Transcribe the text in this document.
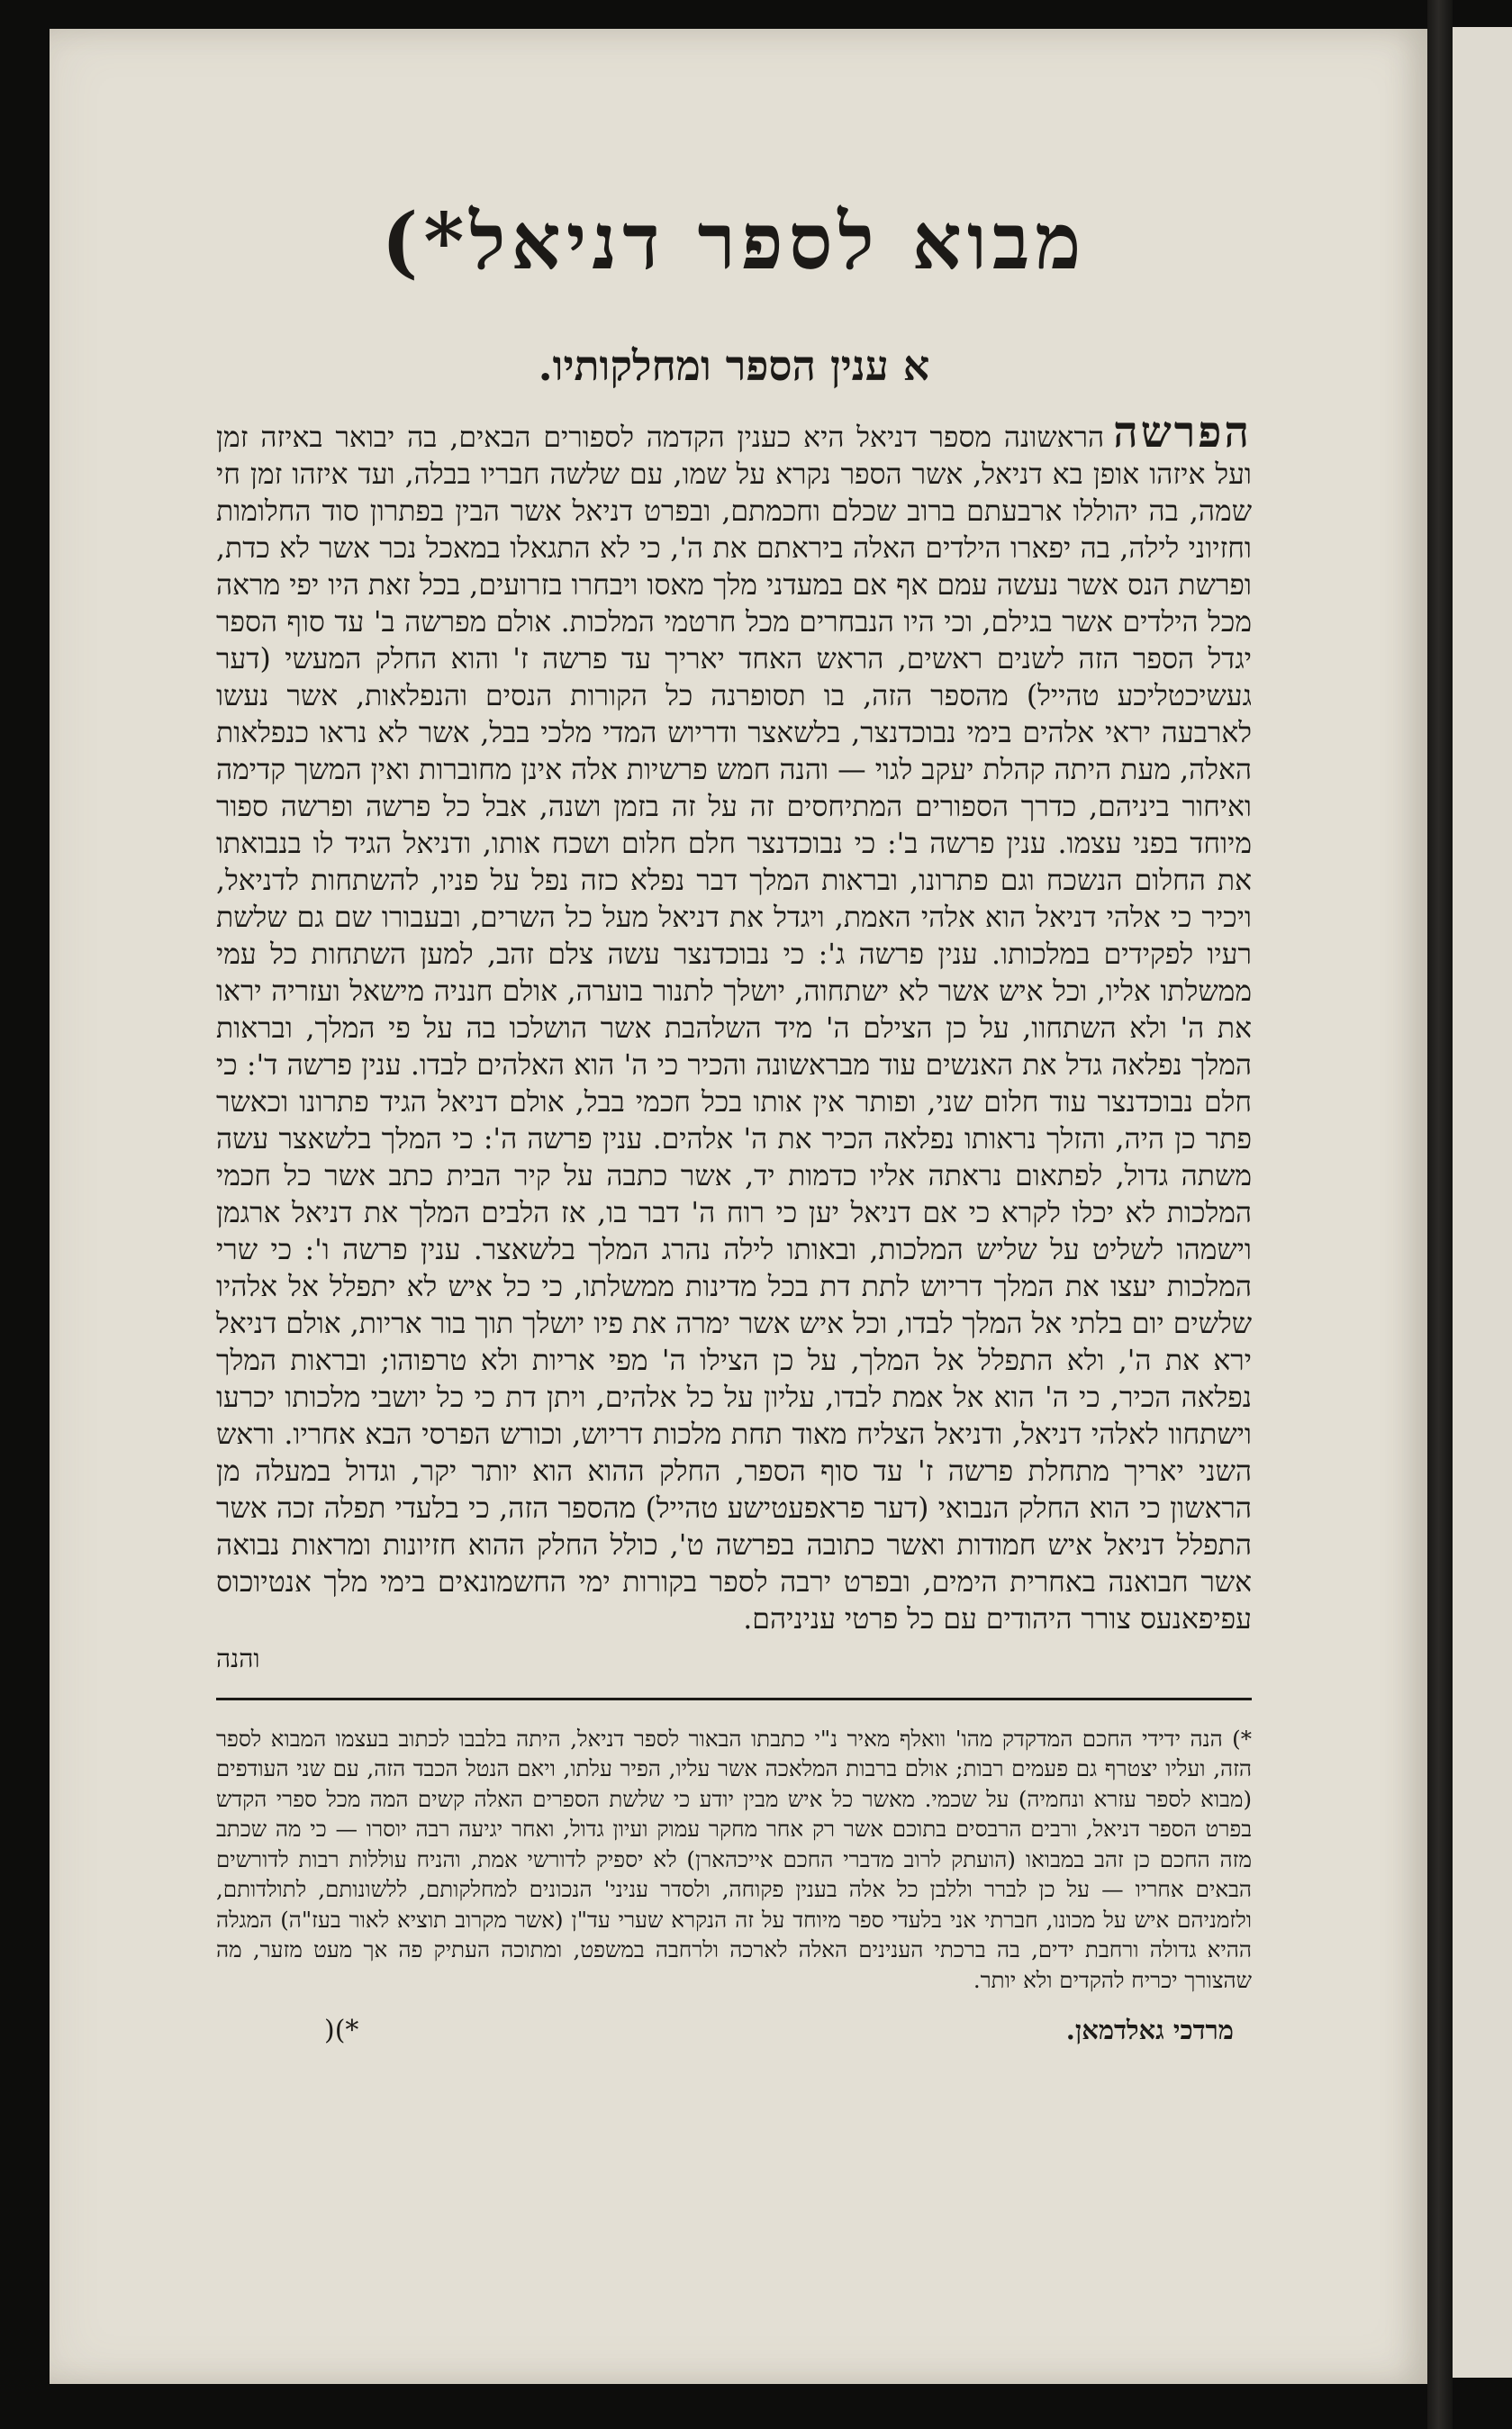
מבוא לספר דניאל*)
א ענין הספר ומחלקותיו.

הפרשההראשונה מספר דניאל היא כענין הקדמה לספורים הבאים, בה יבואר באיזה זמן ועל איזהו אופן בא דניאל, אשר הספר נקרא על שמו, עם שלשה חבריו בבלה, ועד איזהו זמן חי שמה, בה יהוללו ארבעתם ברוב שכלם וחכמתם, ובפרט דניאל אשר הבין בפתרון סוד החלומות וחזיוני לילה, בה יפארו הילדים האלה בירא‍תם את ה', כי לא התגאלו במאכל נכר אשר לא כדת, ופרשת הנס אשר נעשה עמם אף אם במעדני מלך מאסו ויבחרו בזרועים, בכל זאת היו יפי מראה מכל הילדים אשר בגילם, וכי היו הנבחרים מכל חרטמי המלכות. אולם מפרשה ב' עד סוף הספר יגדל הספר הזה לשנים ראשים, הראש האחד יאריך עד פרשה ז' והוא החלק המעשי (דער געשיכטליכע טהייל) מהספר הזה, בו תסופרנה כל הקורות הנסים והנפלאות, אשר נעשו לארבעה יראי אלהים בימי נבוכדנצר, בלשאצר ודריוש המדי מלכי בבל, אשר לא נראו כנפלאות האלה, מעת היתה קהלת יעקב לגוי — והנה חמש פרשיות אלה אינן מחוברות ואין המשך קדימה ואיחור ביניהם, כדרך הספורים המתיחסים זה על זה בזמן ושנה, אבל כל פרשה ופרשה ספור מיוחד בפני עצמו. ענין פרשה ב': כי נבוכדנצר חלם חלום ושכח אותו, ודניאל הגיד לו בנבואתו את החלום הנשכח וגם פתרונו, וברא‍ות המלך דבר נפלא כזה נפל על פניו, להשתחות לדניאל, ויכיר כי אלהי דניאל הוא אלהי האמת, ויגדל את דניאל מעל כל השרים, ובעבורו שם גם שלשת רעיו לפקידים במלכותו. ענין פרשה ג': כי נבוכדנצר עשה צלם זהב, למען השתחות כל עמי ממשלתו אליו, וכל איש אשר לא ישתחוה, יושלך לתנור בוערה, אולם חנניה מישאל ועזריה יראו את ה' ולא השתחוו, על כן הצילם ה' מיד השלהבת אשר הושלכו בה על פי המלך, ובראות המלך נפלאה גדל את האנשים עוד מבראשונה והכיר כי ה' הוא האלהים לבדו. ענין פרשה ד': כי חלם נבוכדנצר עוד חלום שני, ופותר אין אותו בכל חכמי בבל, אולם דניאל הגיד פתרונו וכאשר פתר כן היה, והזלך נראותו נפלאה הכיר את ה' אלהים. ענין פרשה ה': כי המלך בלשאצר עשה משתה גדול, לפתאום נראתה אליו כדמות יד, אשר כתבה על קיר הבית כתב אשר כל חכמי המלכות לא יכלו לקרא כי אם דניאל יען כי רוח ה' דבר בו, אז הלבים המלך את דניאל ארגמן וישמהו לשליט על שליש המלכות, ובאותו לילה נהרג המלך בלשאצר. ענין פרשה ו': כי שרי המלכות יעצו את המלך דריוש לתת דת בכל מדינות ממשלתו, כי כל איש לא יתפלל אל אלהיו שלשים יום בלתי אל המלך לבדו, וכל איש אשר ימרה את פיו יושלך תוך בור אריות, אולם דניאל ירא את ה', ולא התפלל אל המלך, על כן הצילו ה' מפי אריות ולא טרפוהו; ובראות המלך נפלאה הכיר, כי ה' הוא אל אמת לבדו, עליון על כל אלהים, ויתן דת כי כל יושבי מלכותו יכרעו וישתחוו לאלהי דניאל, ודניאל הצליח מאוד תחת מלכות דריוש, וכורש הפרסי הבא אחריו. וראש השני יאריך מתחלת פרשה ז' עד סוף הספר, החלק ההוא הוא יותר יקר, וגדול במעלה מן הראשון כי הוא החלק הנבואי (דער פראפעטישע טהייל) מהספר הזה, כי בלעדי תפלה זכה אשר התפלל דניאל איש חמודות ואשר כתובה בפרשה ט', כולל החלק ההוא חזיונות ומראות נבואה אשר חבואנה באחרית הימים, ובפרט ירבה לספר בקורות ימי החשמונאים בימי מלך אנטיוכוס עפיפאנעס צורר היהודים עם כל פרטי עניניהם.

והנה

*) הנה ידידי החכם המדקדק מהו' וואלף מאיר נ"י כתבתו הבאור לספר דניאל, היתה בלבבו לכתוב בעצמו המבוא לספר הזה, ועליו יצטרף גם פעמים רבות; אולם ברבות המלאכה אשר עליו, הפיר עלתו, ויאם הנטל הכבד הזה, עם שני העודפים (מבוא לספר עזרא ונחמיה) על שכמי. מאשר כל איש מבין יודע כי שלשת הספרים האלה קשים המה מכל ספרי הקדש בפרט הספר דניאל, ורבים הרבסים בתוכם אשר רק אחר מחקר עמוק ועיון גדול, ואחר יגיעה רבה יוסרו — כי מה שכתב מזה החכם כן זהב במבואו (הועתק לרוב מדברי החכם אייכהארן) לא יספיק לדורשי אמת, והניח עוללות רבות לדורשים הבאים אחריו — על כן לברר וללבן כל אלה בענין פקוחה, ולסדר עניני' הנכונים למחלקותם, ללשונותם, לתולדותם, ולזמניהם איש על מכונו, חברתי אני בלעדי ספר מיוחד על זה הנקרא שערי עד"ן (אשר מקרוב תוציא לאור בעז"ה) המגלה ההיא גדולה ורחבת ידים, בה ברכתי הענינים האלה לארכה ולרחבה במשפט, ומתוכה העתיק פה אך מעט מזער, מה שהצורך יכריח להקדים ולא יותר.

מרדכי גאלדמאן.
*)(
